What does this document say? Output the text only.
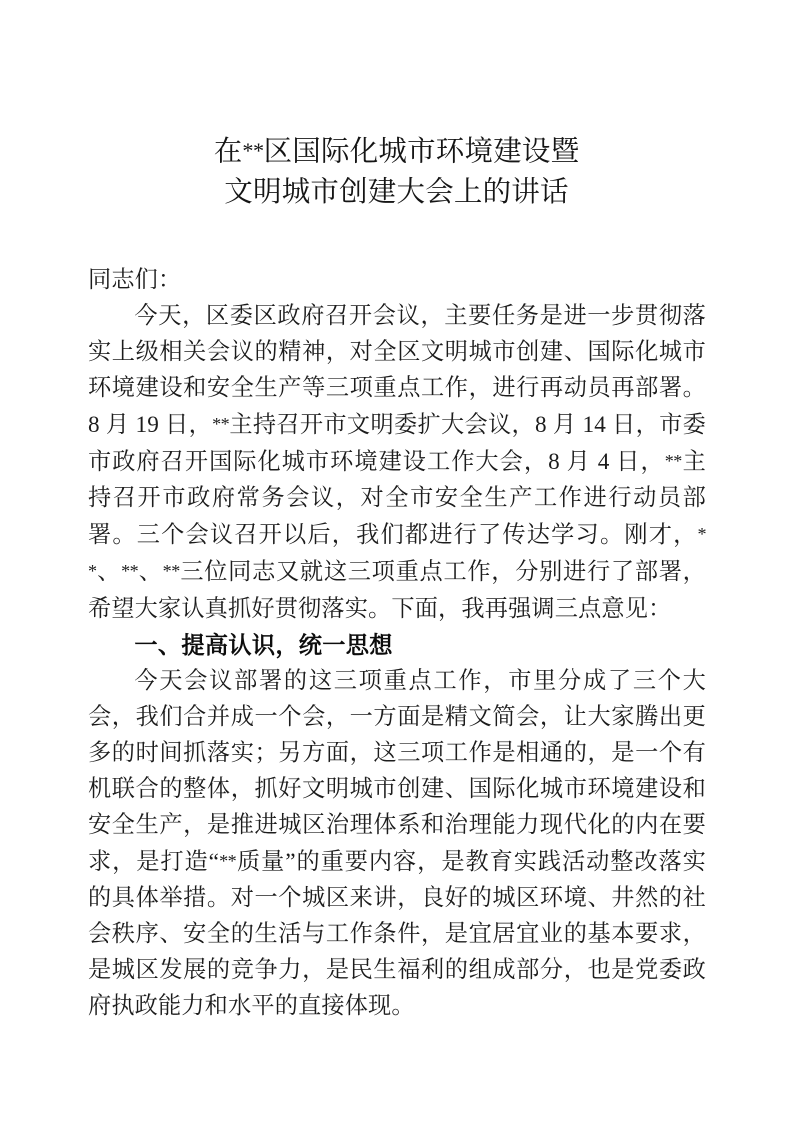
在**区国际化城市环境建设暨
文明城市创建大会上的讲话

同志们：

今天，区委区政府召开会议，主要任务是进一步贯彻落实上级相关会议的精神，对全区文明城市创建、国际化城市环境建设和安全生产等三项重点工作，进行再动员再部署。8 月 19 日，**主持召开市文明委扩大会议，8 月 14 日，市委市政府召开国际化城市环境建设工作大会，8 月 4 日，**主持召开市政府常务会议，对全市安全生产工作进行动员部署。三个会议召开以后，我们都进行了传达学习。刚才，**、**、**三位同志又就这三项重点工作，分别进行了部署，希望大家认真抓好贯彻落实。下面，我再强调三点意见：

一、提高认识，统一思想

今天会议部署的这三项重点工作，市里分成了三个大会，我们合并成一个会，一方面是精文简会，让大家腾出更多的时间抓落实；另方面，这三项工作是相通的，是一个有机联合的整体，抓好文明城市创建、国际化城市环境建设和安全生产，是推进城区治理体系和治理能力现代化的内在要求，是打造“**质量”的重要内容，是教育实践活动整改落实的具体举措。对一个城区来讲，良好的城区环境、井然的社会秩序、安全的生活与工作条件，是宜居宜业的基本要求，是城区发展的竞争力，是民生福利的组成部分，也是党委政府执政能力和水平的直接体现。
